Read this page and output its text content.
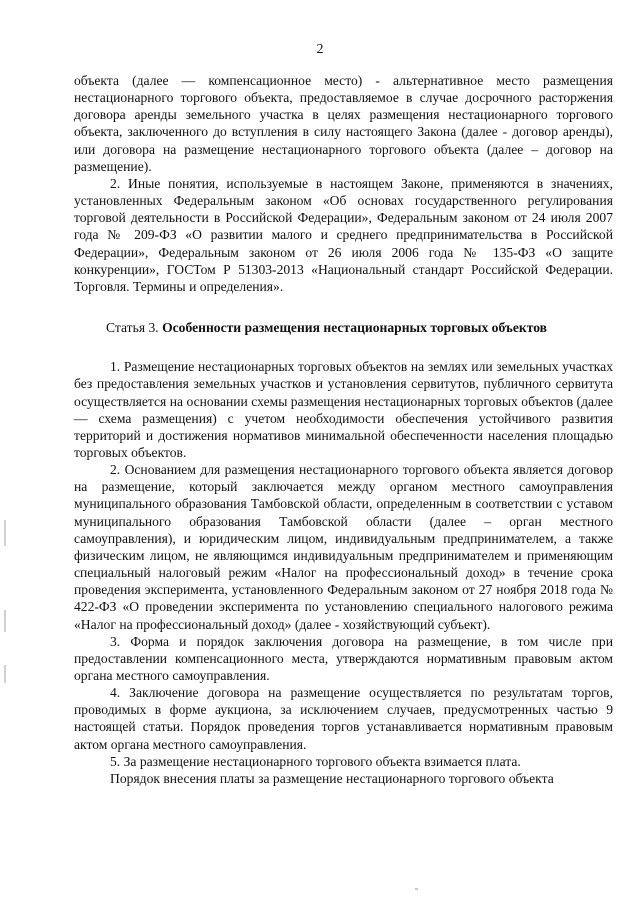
2

объекта (далее — компенсационное место) - альтернативное место размещения нестационарного торгового объекта, предоставляемое в случае досрочного расторжения договора аренды земельного участка в целях размещения нестационарного торгового объекта, заключенного до вступления в силу настоящего Закона (далее - договор аренды), или договора на размещение нестационарного торгового объекта (далее – договор на размещение).

2. Иные понятия, используемые в настоящем Законе, применяются в значениях, установленных Федеральным законом «Об основах государственного регулирования торговой деятельности в Российской Федерации», Федеральным законом от 24 июля 2007 года № 209-ФЗ «О развитии малого и среднего предпринимательства в Российской Федерации», Федеральным законом от 26 июля 2006 года № 135-ФЗ «О защите конкуренции», ГОСТом Р 51303-2013 «Национальный стандарт Российской Федерации. Торговля. Термины и определения».

Статья 3. Особенности размещения нестационарных торговых объектов

1. Размещение нестационарных торговых объектов на землях или земельных участках без предоставления земельных участков и установления сервитутов, публичного сервитута осуществляется на основании схемы размещения нестационарных торговых объектов (далее — схема размещения) с учетом необходимости обеспечения устойчивого развития территорий и достижения нормативов минимальной обеспеченности населения площадью торговых объектов.

2. Основанием для размещения нестационарного торгового объекта является договор на размещение, который заключается между органом местного самоуправления муниципального образования Тамбовской области, определенным в соответствии с уставом муниципального образования Тамбовской области (далее – орган местного самоуправления), и юридическим лицом, индивидуальным предпринимателем, а также физическим лицом, не являющимся индивидуальным предпринимателем и применяющим специальный налоговый режим «Налог на профессиональный доход» в течение срока проведения эксперимента, установленного Федеральным законом от 27 ноября 2018 года № 422-ФЗ «О проведении эксперимента по установлению специального налогового режима «Налог на профессиональный доход» (далее - хозяйствующий субъект).

3. Форма и порядок заключения договора на размещение, в том числе при предоставлении компенсационного места, утверждаются нормативным правовым актом органа местного самоуправления.

4. Заключение договора на размещение осуществляется по результатам торгов, проводимых в форме аукциона, за исключением случаев, предусмотренных частью 9 настоящей статьи. Порядок проведения торгов устанавливается нормативным правовым актом органа местного самоуправления.

5. За размещение нестационарного торгового объекта взимается плата.

Порядок внесения платы за размещение нестационарного торгового объекта
